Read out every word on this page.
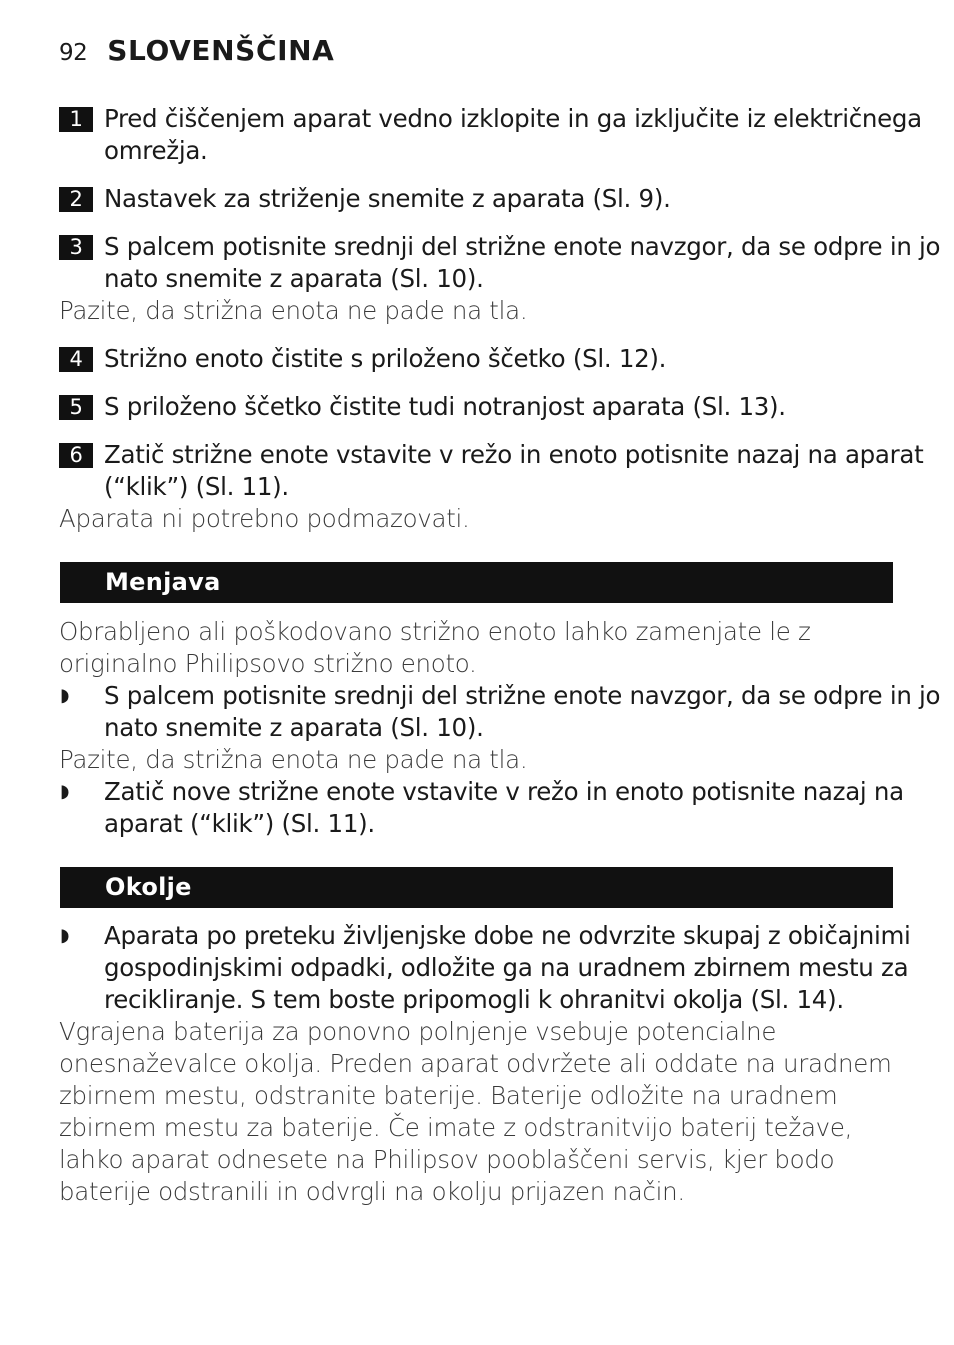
92 SLOVENŠČINA
1 Pred čiščenjem aparat vedno izklopite in ga izključite iz električnega omrežja.
2 Nastavek za striženje snemite z aparata (Sl. 9).
3 S palcem potisnite srednji del strižne enote navzgor, da se odpre in jo nato snemite z aparata (Sl. 10).
Pazite, da strižna enota ne pade na tla.
4 Strižno enoto čistite s priloženo ščetko (Sl. 12).
5 S priloženo ščetko čistite tudi notranjost aparata (Sl. 13).
6 Zatič strižne enote vstavite v režo in enoto potisnite nazaj na aparat (“klik”) (Sl. 11).
Aparata ni potrebno podmazovati.
Menjava
Obrabljeno ali poškodovano strižno enoto lahko zamenjate le z originalno Philipsovo strižno enoto.
◗ S palcem potisnite srednji del strižne enote navzgor, da se odpre in jo nato snemite z aparata (Sl. 10).
Pazite, da strižna enota ne pade na tla.
◗ Zatič nove strižne enote vstavite v režo in enoto potisnite nazaj na aparat (“klik”) (Sl. 11).
Okolje
◗ Aparata po preteku življenjske dobe ne odvrzite skupaj z običajnimi gospodinjskimi odpadki, odložite ga na uradnem zbirnem mestu za recikliranje. S tem boste pripomogli k ohranitvi okolja (Sl. 14).
Vgrajena baterija za ponovno polnjenje vsebuje potencialne onesnaževalce okolja. Preden aparat odvržete ali oddate na uradnem zbirnem mestu, odstranite baterije. Baterije odložite na uradnem zbirnem mestu za baterije. Če imate z odstranitvijo baterij težave, lahko aparat odnesete na Philipsov pooblaščeni servis, kjer bodo baterije odstranili in odvrgli na okolju prijazen način.
